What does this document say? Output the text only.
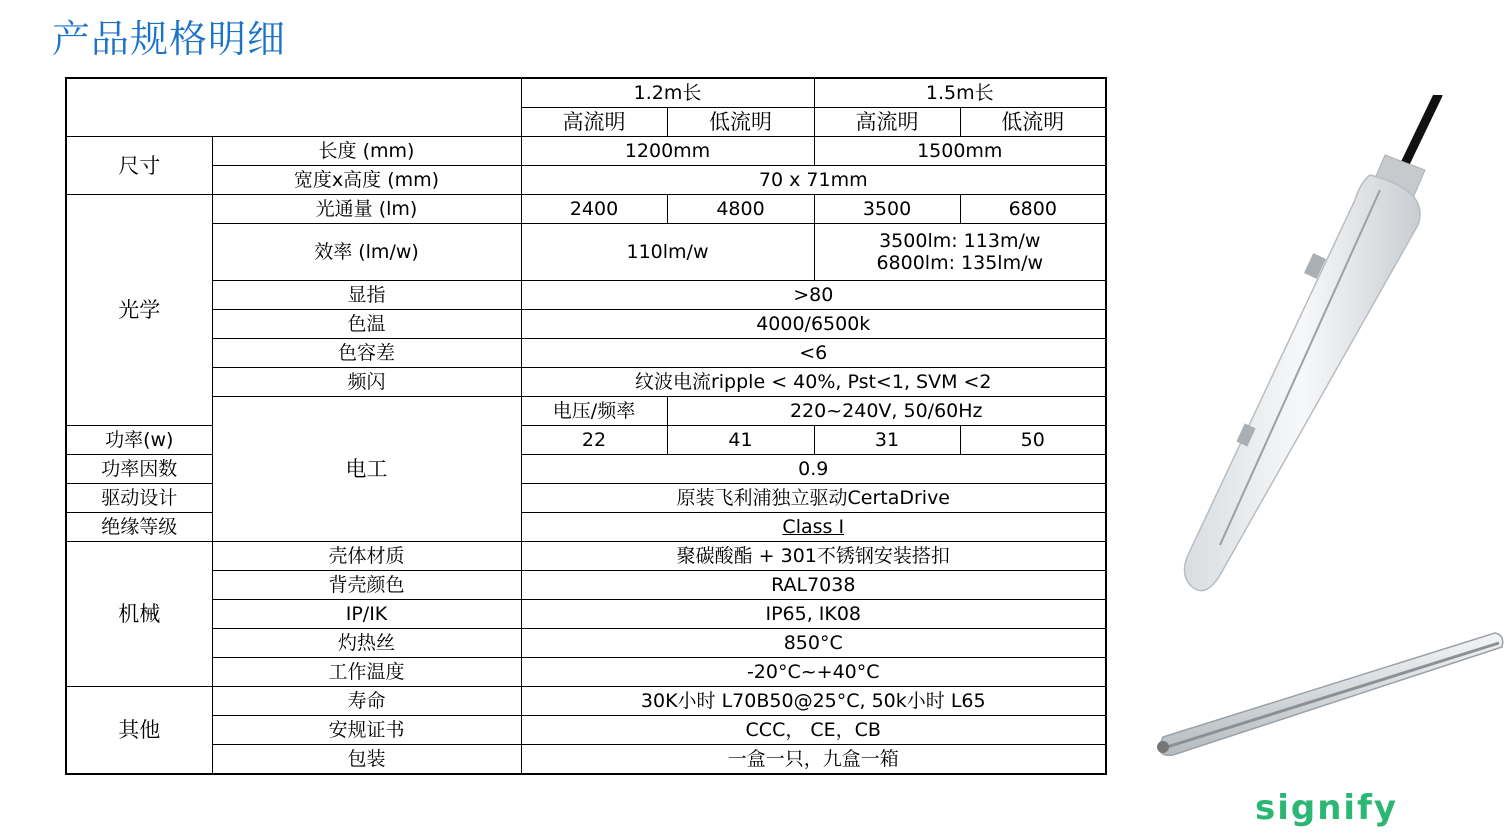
产品规格明细
		1.2m长		1.5m长	
		高流明	低流明	高流明	低流明
尺寸	长度 (mm)	1200mm		1500mm	
	宽度x高度 (mm)	70 x 71mm			
光学	光通量 (lm)	2400	4800	3500	6800
	效率 (lm/w)	110lm/w		3500lm: 113m/w
6800lm: 135lm/w	

	显指	>80			
	色温	4000/6500k			
	色容差	<6			
	频闪	纹波电流ripple < 40%, Pst<1, SVM <2			
	电工	电压/频率	220~240V, 50/60Hz		
功率(w)		22	41	31	50
功率因数		0.9			
驱动设计		原装飞利浦独立驱动CertaDrive			
绝缘等级		Class I			
机械	壳体材质	聚碳酸酯 + 301不锈钢安装搭扣			
	背壳颜色	RAL7038			
	IP/IK	IP65, IK08			
	灼热丝	850°C			
	工作温度	-20°C~+40°C			
其他	寿命	30K小时 L70B50@25°C, 50k小时 L65			
	安规证书	CCC， CE，CB			
	包装	一盒一只，九盒一箱			
signify
